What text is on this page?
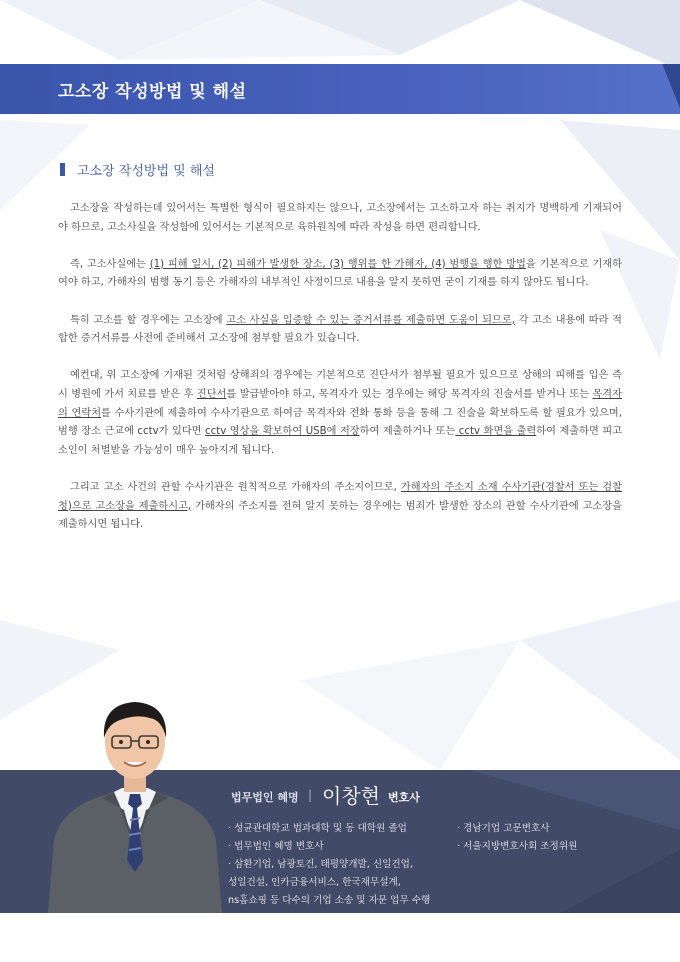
고소장 작성방법 및 해설
고소장 작성방법 및 해설

고소장을 작성하는데 있어서는 특별한 형식이 필요하지는 않으나, 고소장에서는 고소하고자 하는 취지가 명백하게 기재되어야 하므로, 고소사실을 작성함에 있어서는 기본적으로 육하원칙에 따라 작성을 하면 편리합니다.

즉, 고소사실에는 (1) 피해 일시, (2) 피해가 발생한 장소, (3) 행위를 한 가해자, (4) 범행을 행한 방법을 기본적으로 기재하여야 하고, 가해자의 범행 동기 등은 가해자의 내부적인 사정이므로 내용을 알지 못하면 굳이 기재를 하지 않아도 됩니다.

특히 고소를 할 경우에는 고소장에 고소 사실을 입증할 수 있는 증거서류를 제출하면 도움이 되므로, 각 고소 내용에 따라 적합한 증거서류를 사전에 준비해서 고소장에 첨부할 필요가 있습니다.

예컨대, 위 고소장에 기재된 것처럼 상해죄의 경우에는 기본적으로 진단서가 첨부될 필요가 있으므로 상해의 피해를 입은 즉시 병원에 가서 치료를 받은 후 진단서를 발급받아야 하고, 목격자가 있는 경우에는 해당 목격자의 진술서를 받거나 또는 목격자의 연락처를 수사기관에 제출하여 수사기관으로 하여금 목격자와 전화 통화 등을 통해 그 진술을 확보하도록 할 필요가 있으며, 범행 장소 근교에 cctv가 있다면 cctv 영상을 확보하여 USB에 저장하여 제출하거나 또는 cctv 화면을 출력하여 제출하면 피고소인이 처벌받을 가능성이 매우 높아지게 됩니다.

그리고 고소 사건의 관할 수사기관은 원칙적으로 가해자의 주소지이므로, 가해자의 주소지 소재 수사기관(경찰서 또는 검찰청)으로 고소장을 제출하시고, 가해자의 주소지를 전혀 알지 못하는 경우에는 범죄가 발생한 장소의 관할 수사기관에 고소장을 제출하시면 됩니다.

법무법인 혜명 | 이창현 변호사
· 성균관대학교 법과대학 및 동 대학원 졸업
· 법무법인 혜명 변호사
· 삼환기업, 남광토건, 태평양개발, 신일건업,
성일건설, 인카금융서비스, 한국재무설계,
ns홈쇼핑 등 다수의 기업 소송 및 자문 업무 수행
· 경남기업 고문변호사
· 서울지방변호사회 조정위원
